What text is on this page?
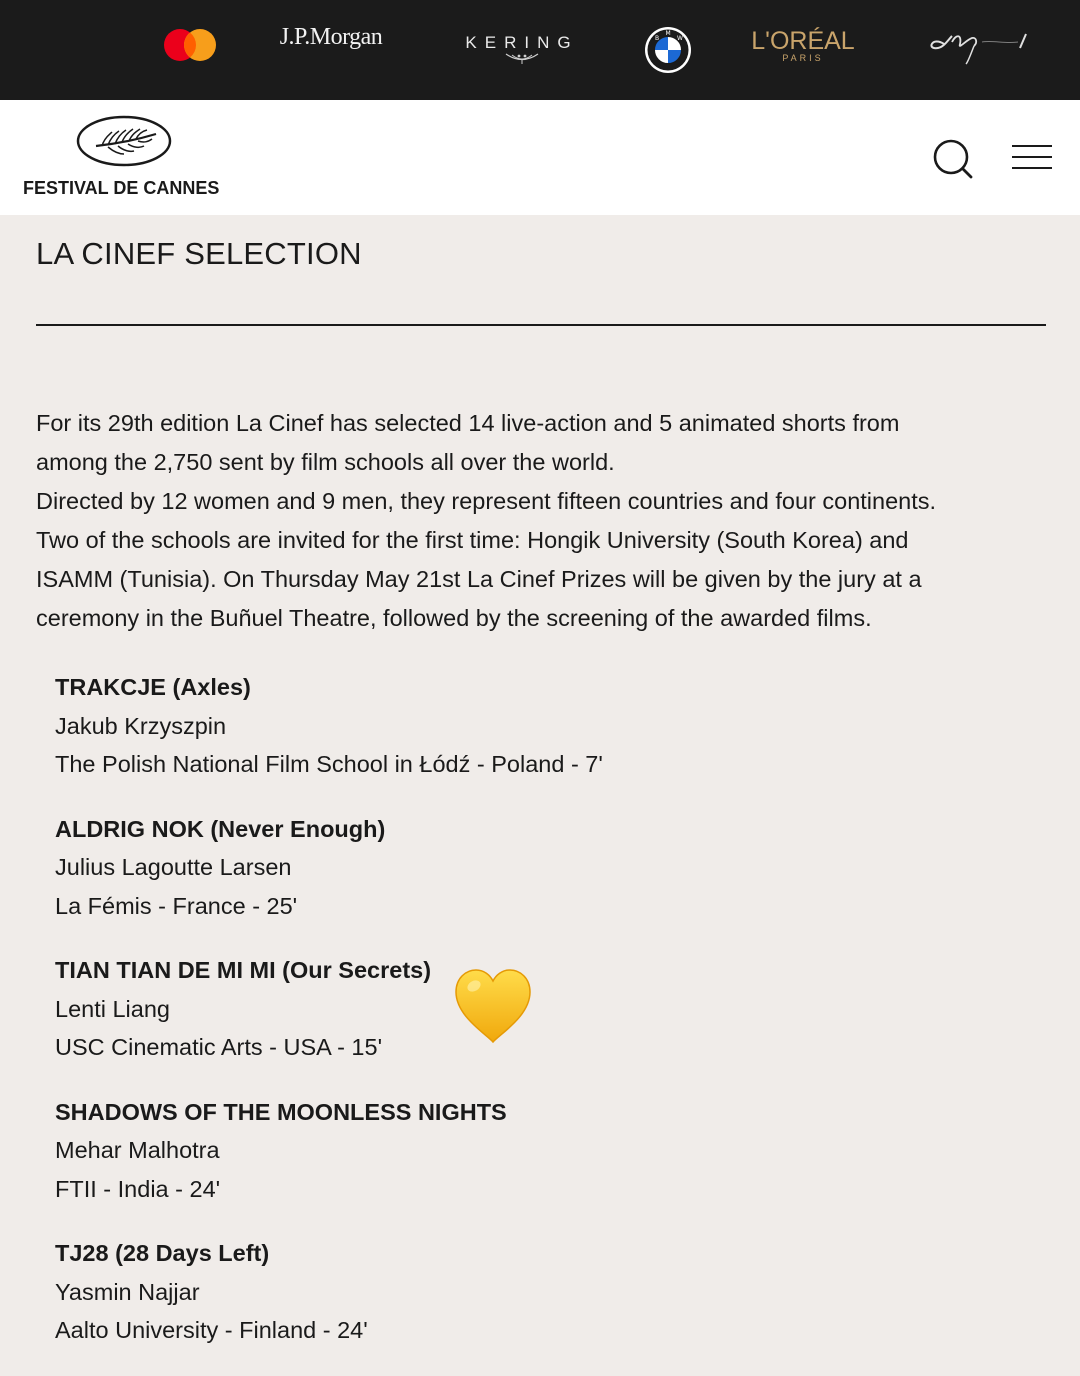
J.P.Morgan	KERING	B
M
W	L'ORÉAL
PARIS
FESTIVAL DE CANNES
LA CINEF SELECTION

For its 29th edition La Cinef has selected 14 live-action and 5 animated shorts from

among the 2,750 sent by film schools all over the world.

Directed by 12 women and 9 men, they represent fifteen countries and four continents.

Two of the schools are invited for the first time: Hongik University (South Korea) and

ISAMM (Tunisia). On Thursday May 21st La Cinef Prizes will be given by the jury at a

ceremony in the Buñuel Theatre, followed by the screening of the awarded films.

TRAKCJE (Axles)
Jakub Krzyszpin
The Polish National Film School in Łódź - Poland - 7'
ALDRIG NOK (Never Enough)
Julius Lagoutte Larsen
La Fémis - France - 25'
TIAN TIAN DE MI MI (Our Secrets)
Lenti Liang
USC Cinematic Arts - USA - 15'
SHADOWS OF THE MOONLESS NIGHTS
Mehar Malhotra
FTII - India - 24'
TJ28 (28 Days Left)
Yasmin Najjar
Aalto University - Finland - 24'
